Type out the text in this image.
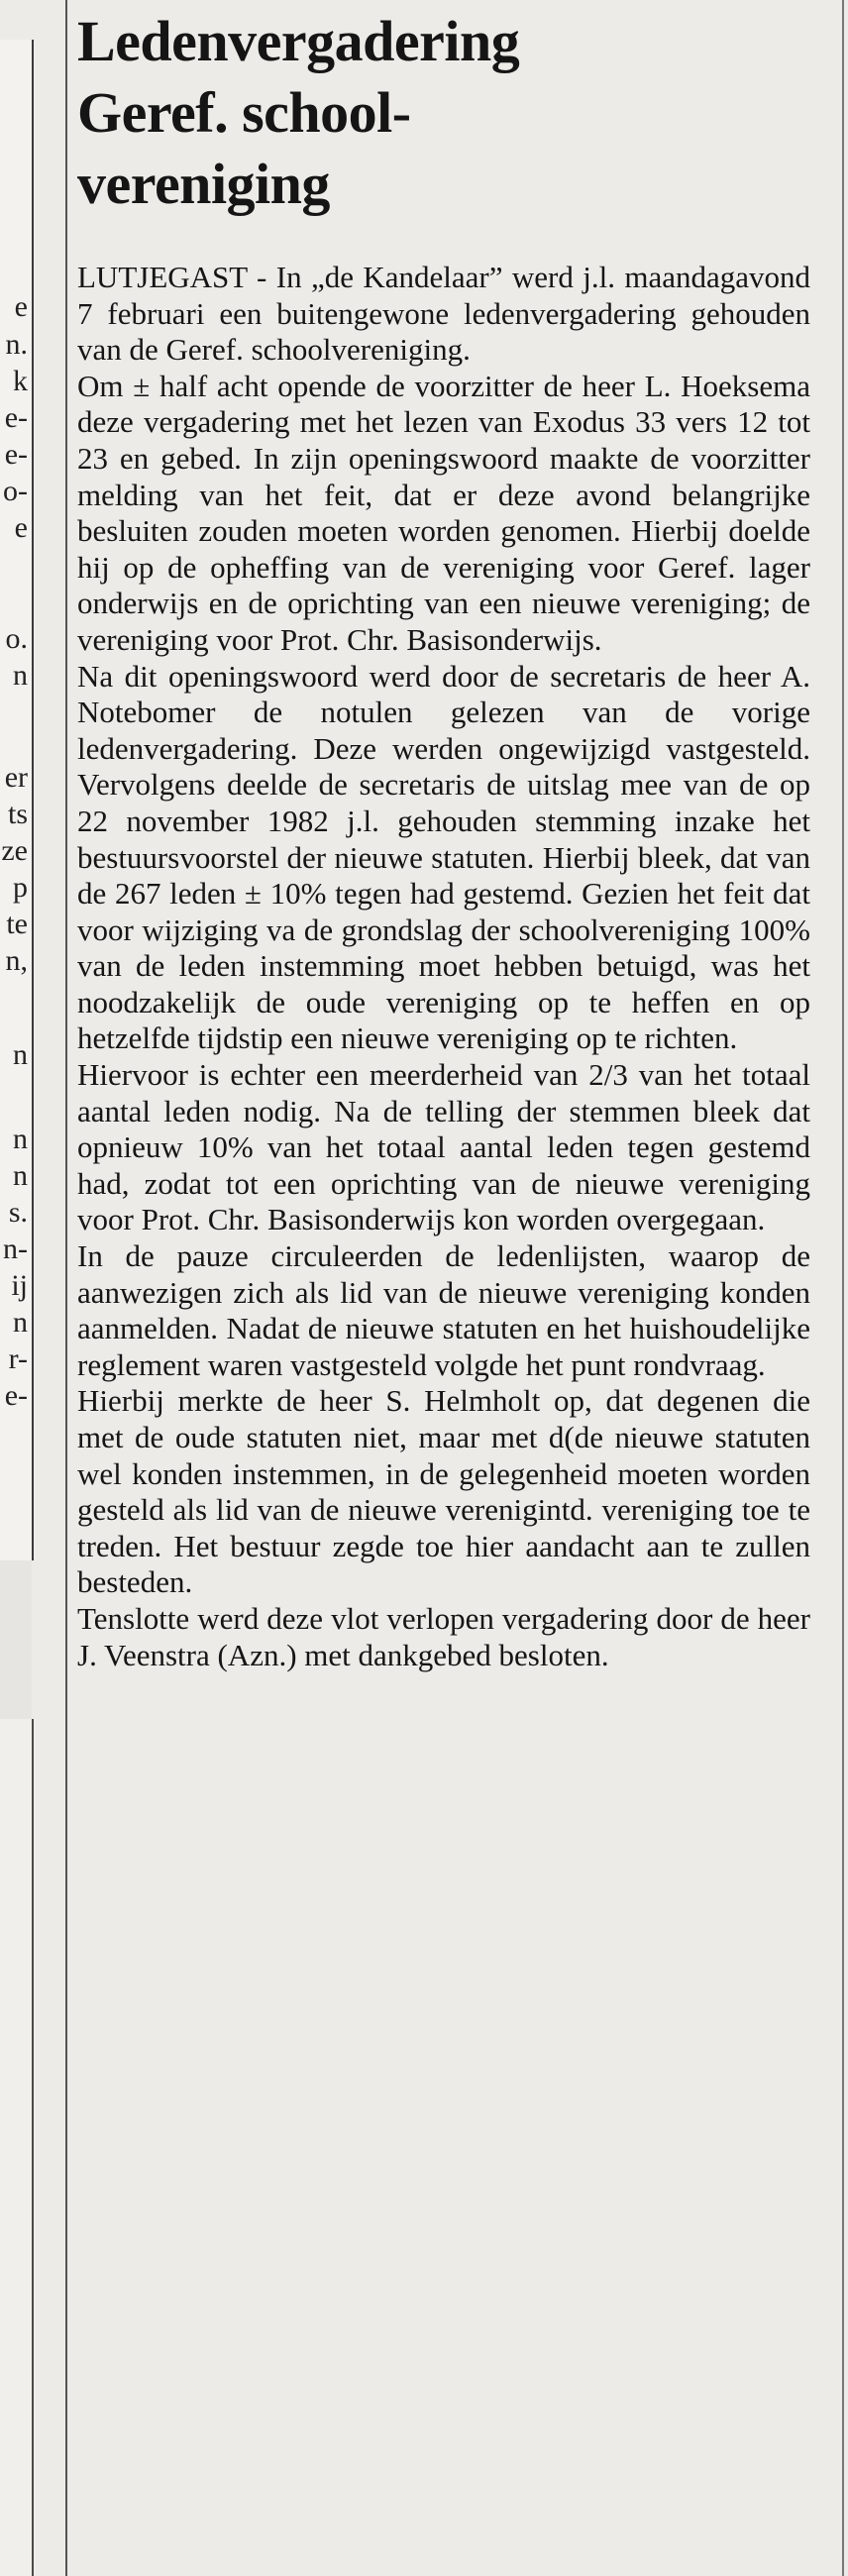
e
n.
k
e-
e-
o-
e
o.
n
er
ts
ze
p
te
n,
n
n
n
s.
n-
ij
n
r-
e-
Ledenvergadering
Geref. school-
vereniging

LUTJEGAST - In „de Kandelaar” werd j.l. maandagavond 7 februari een buitengewone ledenvergadering gehouden van de Geref. schoolvereniging.

Om ± half acht opende de voorzitter de heer L. Hoeksema deze vergadering met het lezen van Exodus 33 vers 12 tot 23 en gebed. In zijn openingswoord maakte de voorzitter melding van het feit, dat er deze avond belangrijke besluiten zouden moeten worden genomen. Hierbij doelde hij op de opheffing van de vereniging voor Geref. lager onderwijs en de oprichting van een nieuwe vereniging; de vereniging voor Prot. Chr. Basisonderwijs.

Na dit openingswoord werd door de secretaris de heer A. Notebomer de notulen gelezen van de vorige ledenvergadering. Deze werden ongewijzigd vastgesteld. Vervolgens deelde de secretaris de uitslag mee van de op 22 november 1982 j.l. gehouden stemming inzake het bestuursvoorstel der nieuwe statuten. Hierbij bleek, dat van de 267 leden ± 10% tegen had gestemd. Gezien het feit dat voor wijziging va de grondslag der schoolvereniging 100% van de leden instemming moet hebben betuigd, was het noodzakelijk de oude vereniging op te heffen en op hetzelfde tijdstip een nieuwe vereniging op te richten.

Hiervoor is echter een meerderheid van 2/3 van het totaal aantal leden nodig. Na de telling der stemmen bleek dat opnieuw 10% van het totaal aantal leden tegen gestemd had, zodat tot een oprichting van de nieuwe vereniging voor Prot. Chr. Basisonderwijs kon worden overgegaan.

In de pauze circuleerden de ledenlijsten, waarop de aanwezigen zich als lid van de nieuwe vereniging konden aanmelden. Nadat de nieuwe statuten en het huishoudelijke reglement waren vastgesteld volgde het punt rondvraag.

Hierbij merkte de heer S. Helmholt op, dat degenen die met de oude statuten niet, maar met d(de nieuwe statuten wel konden instemmen, in de gelegenheid moeten worden gesteld als lid van de nieuwe verenigintd. vereniging toe te treden. Het bestuur zegde toe hier aandacht aan te zullen besteden.

Tenslotte werd deze vlot verlopen vergadering door de heer J. Veenstra (Azn.) met dankgebed besloten.
